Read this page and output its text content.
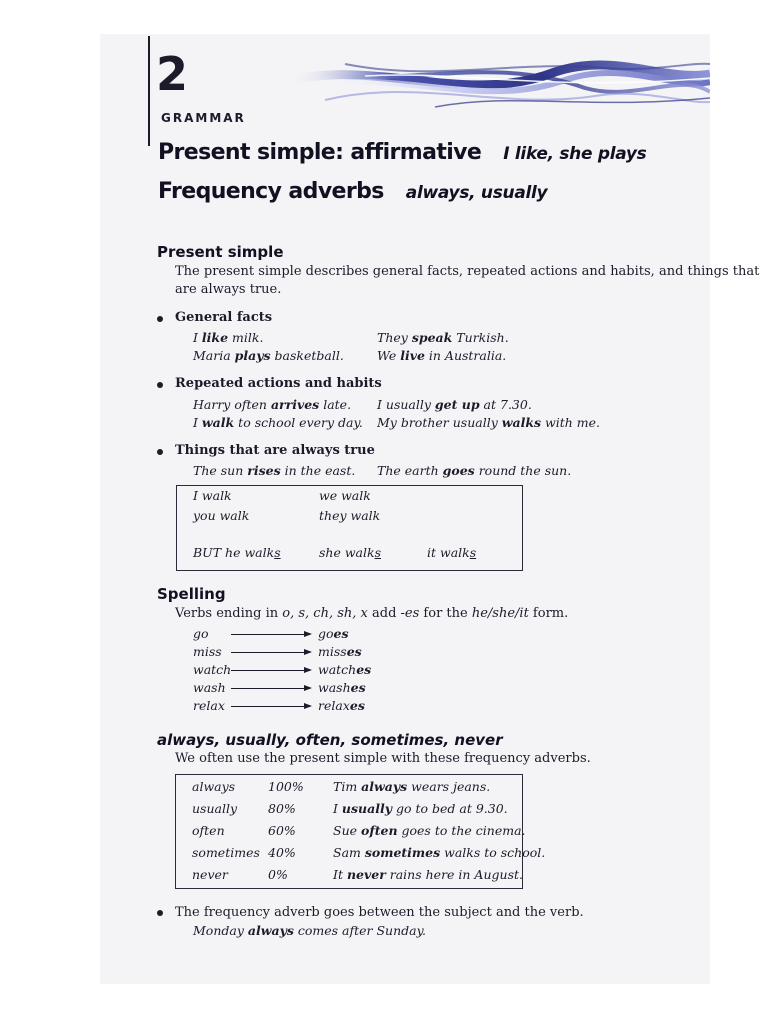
2
GRAMMAR
Present simple: affirmative I like, she plays
Frequency adverbs always, usually
Present simple
The present simple describes general facts, repeated actions and habits, and things that
are always true.
General facts
I like milk.	They speak Turkish.
Maria plays basketball.	We live in Australia.
Repeated actions and habits
Harry often arrives late. I usually get up at 7.30.
I walk to school every day. My brother usually walks with me.
Things that are always true
The sun rises in the east. The earth goes round the sun.
I walk	we walk
you walk	they walk
BUT he walks	she walks	it walks
Spelling
Verbs ending in o, s, ch, sh, x add -es for the he/she/it form.
go	goes
miss	misses
watch	watches
wash	washes
relax	relaxes
always, usually, often, sometimes, never
We often use the present simple with these frequency adverbs.
always	100% Tim always wears jeans.
usually 80%	I usually go to bed at 9.30.
often	60%	Sue often goes to the cinema.
sometimes 40%	Sam sometimes walks to school.
never	0%	It never rains here in August.
The frequency adverb goes between the subject and the verb.
Monday always comes after Sunday.
